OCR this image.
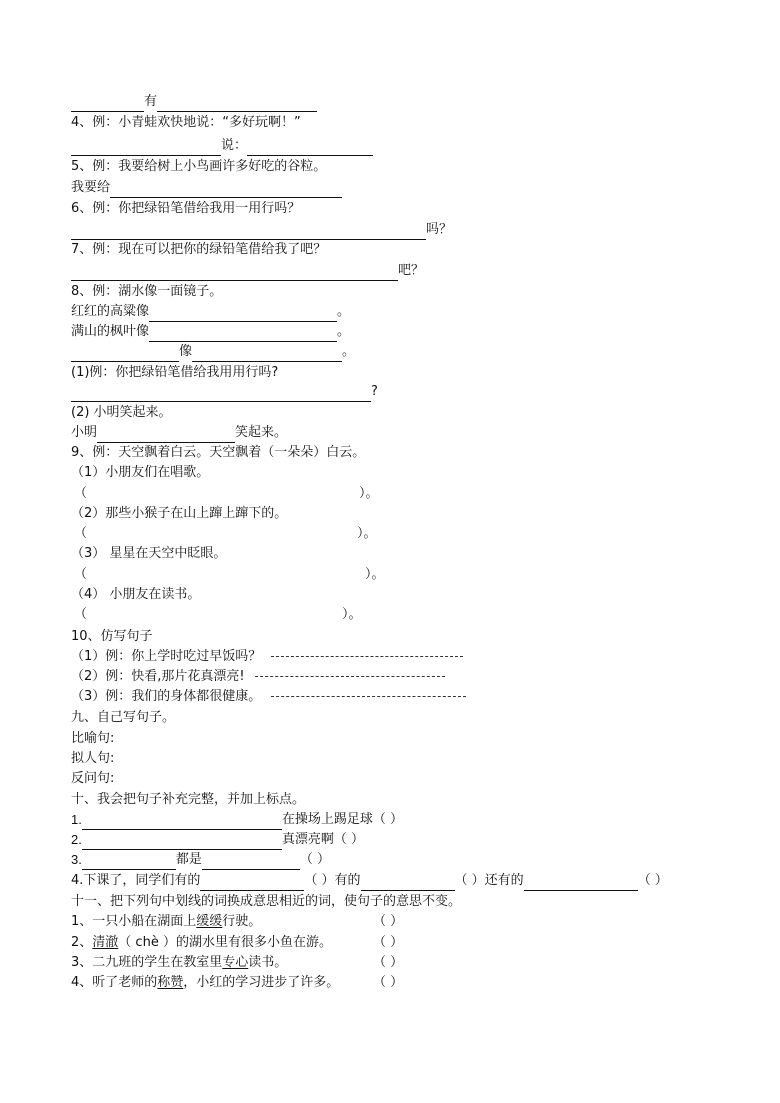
有
4、例：小青蛙欢快地说：“多好玩啊！”
说：
5、例：我要给树上小鸟画许多好吃的谷粒。
我要给
6、例：你把绿铅笔借给我用一用行吗？
吗？
7、例：现在可以把你的绿铅笔借给我了吧？
吧？
8、例：湖水像一面镜子。
红红的高粱像	。
满山的枫叶像	。
像	。
(1)例：你把绿铅笔借给我用用行吗?
?
(2) 小明笑起来。
小明	笑起来。
9、例：天空飘着白云。天空飘着（一朵朵）白云。
（1）小朋友们在唱歌。
（	）。
（2）那些小猴子在山上蹿上蹿下的。
（	）。
（3） 星星在天空中眨眼。
（	）。
（4） 小朋友在读书。
（	）。
10、仿写句子
（1）例：你上学时吃过早饭吗？
（2）例：快看,那片花真漂亮!
（3）例：我们的身体都很健康。
九、自己写句子。
比喻句:
拟人句:
反问句:
十、我会把句子补充完整，并加上标点。
1.	在操场上踢足球（ ）
2.	真漂亮啊（ ）
3.	都是	（ ）
4.下课了，同学们有的	（ ）有的	（ ）还有的	（ ）
十一、把下列句中划线的词换成意思相近的词，使句子的意思不变。
1、一只小船在湖面上缓缓行驶。	（ ）
2、清澈（ chè ）的湖水里有很多小鱼在游。	（ ）
3、二九班的学生在教室里专心读书。	（ ）
4、听了老师的称赞，小红的学习进步了许多。	（ ）
